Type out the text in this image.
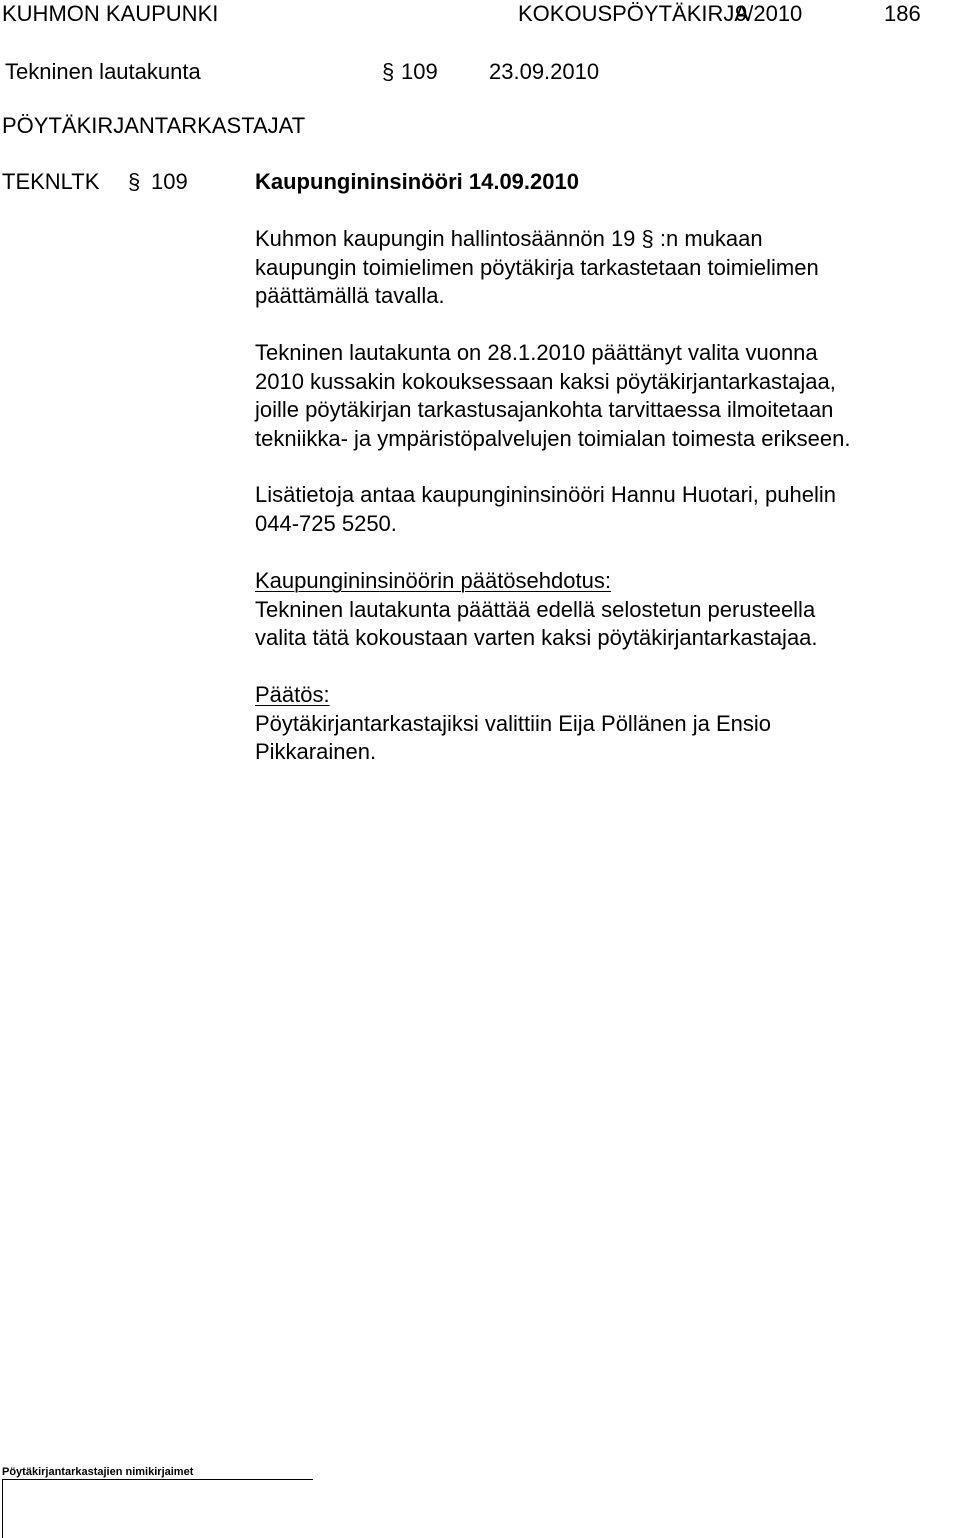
KUHMON KAUPUNKI	KOKOUSPÖYTÄKIRJA
9/2010	186
Tekninen lautakunta	§ 109 23.09.2010
PÖYTÄKIRJANTARKASTAJAT
TEKNLTK § 109	Kaupungininsinööri 14.09.2010
Kuhmon kaupungin hallintosäännön 19 § :n mukaan
kaupungin toimielimen pöytäkirja tarkastetaan toimielimen
päättämällä tavalla.
Tekninen lautakunta on 28.1.2010 päättänyt valita vuonna
2010 kussakin kokouksessaan kaksi pöytäkirjantarkastajaa,
joille pöytäkirjan tarkastusajankohta tarvittaessa ilmoitetaan
tekniikka- ja ympäristöpalvelujen toimialan toimesta erikseen.
Lisätietoja antaa kaupungininsinööri Hannu Huotari, puhelin
044-725 5250.
Kaupungininsinöörin päätösehdotus:
Tekninen lautakunta päättää edellä selostetun perusteella
valita tätä kokoustaan varten kaksi pöytäkirjantarkastajaa.
Päätös:
Pöytäkirjantarkastajiksi valittiin Eija Pöllänen ja Ensio
Pikkarainen.
Pöytäkirjantarkastajien nimikirjaimet
